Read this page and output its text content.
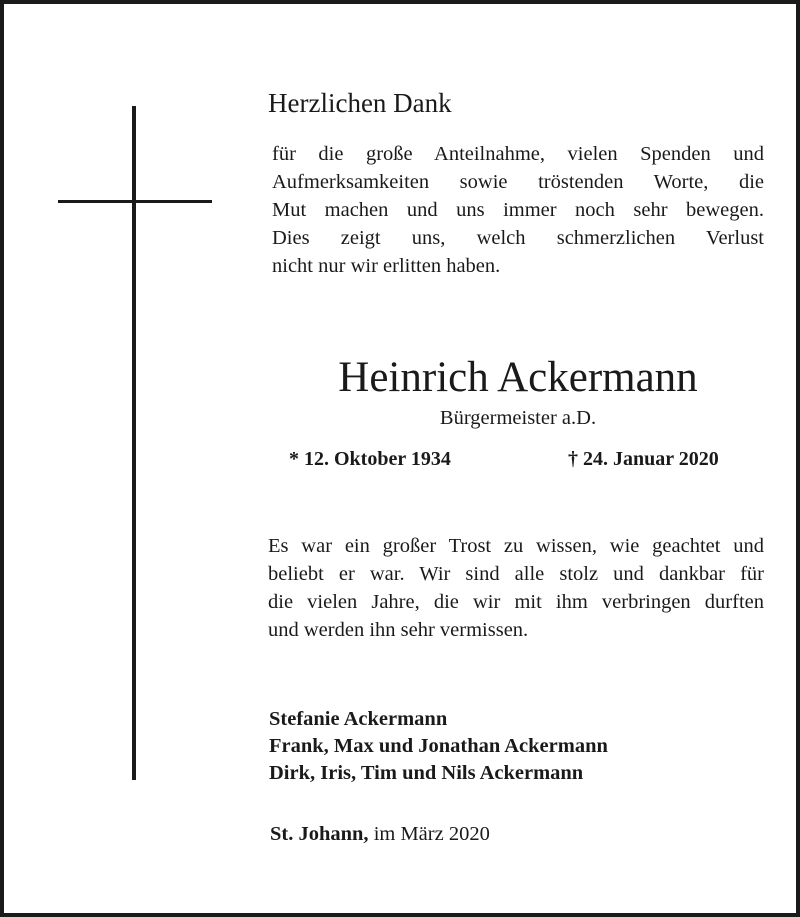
Herzlichen Dank
für die große Anteilnahme, vielen Spenden und
Aufmerksamkeiten sowie tröstenden Worte, die
Mut machen und uns immer noch sehr bewegen.
Dies zeigt uns, welch schmerzlichen Verlust
nicht nur wir erlitten haben.
Heinrich Ackermann
Bürgermeister a.D.
* 12. Oktober 1934	† 24. Januar 2020
Es war ein großer Trost zu wissen, wie geachtet und
beliebt er war. Wir sind alle stolz und dankbar für
die vielen Jahre, die wir mit ihm verbringen durften
und werden ihn sehr vermissen.
Stefanie Ackermann
Frank, Max und Jonathan Ackermann
Dirk, Iris, Tim und Nils Ackermann
St. Johann, im März 2020
